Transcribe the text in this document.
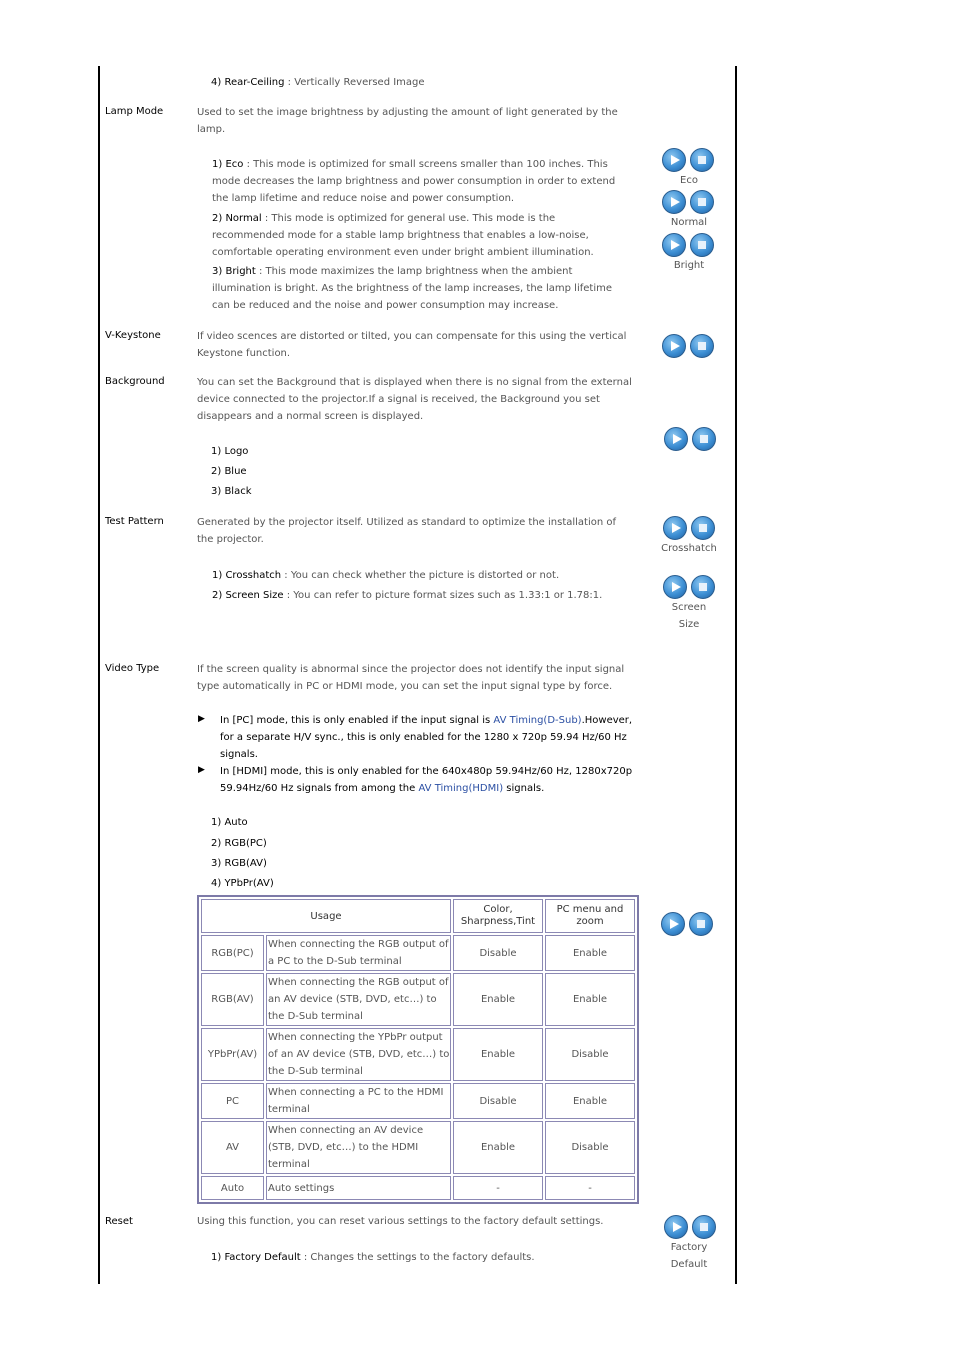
4) Rear-Ceiling : Vertically Reversed Image
Lamp Mode	Used to set the image brightness by adjusting the amount of light generated by the lamp.
1) Eco : This mode is optimized for small screens smaller than 100 inches. This mode decreases the lamp brightness and power consumption in order to extend the lamp lifetime and reduce noise and power consumption.
2) Normal : This mode is optimized for general use. This mode is the recommended mode for a stable lamp brightness that enables a low-noise, comfortable operating environment even under bright ambient illumination.
3) Bright : This mode maximizes the lamp brightness when the ambient illumination is bright. As the brightness of the lamp increases, the lamp lifetime can be reduced and the noise and power consumption may increase.
Eco
Normal
Bright
V-Keystone	If video scences are distorted or tilted, you can compensate for this using the vertical Keystone function.
Background	You can set the Background that is displayed when there is no signal from the external device connected to the projector.If a signal is received, the Background you set disappears and a normal screen is displayed.
1) Logo
2) Blue
3) Black
Test Pattern	Generated by the projector itself. Utilized as standard to optimize the installation of the projector.
1) Crosshatch : You can check whether the picture is distorted or not.
2) Screen Size : You can refer to picture format sizes such as 1.33:1 or 1.78:1.
Crosshatch
Screen Size
Video Type	If the screen quality is abnormal since the projector does not identify the input signal type automatically in PC or HDMI mode, you can set the input signal type by force.
▶ In [PC] mode, this is only enabled if the input signal is AV Timing(D-Sub).However, for a separate H/V sync., this is only enabled for the 1280 x 720p 59.94 Hz/60 Hz signals.
▶ In [HDMI] mode, this is only enabled for the 640x480p 59.94Hz/60 Hz, 1280x720p 59.94Hz/60 Hz signals from among the AV Timing(HDMI) signals.
1) Auto
2) RGB(PC)
3) RGB(AV)
4) YPbPr(AV)
Usage		Color, Sharpness,Tint	PC menu and zoom
RGB(PC)	When connecting the RGB output of a PC to the D-Sub terminal	Disable	Enable
RGB(AV)	When connecting the RGB output of an AV device (STB, DVD, etc…) to the D-Sub terminal	Enable	Enable
YPbPr(AV)	When connecting the YPbPr output of an AV device (STB, DVD, etc…) to the D-Sub terminal	Enable	Disable
PC	When connecting a PC to the HDMI terminal	Disable	Enable
AV	When connecting an AV device (STB, DVD, etc…) to the HDMI terminal	Enable	Disable
Auto	Auto settings	-	-
Reset	Using this function, you can reset various settings to the factory default settings.
1) Factory Default : Changes the settings to the factory defaults.
Factory Default
